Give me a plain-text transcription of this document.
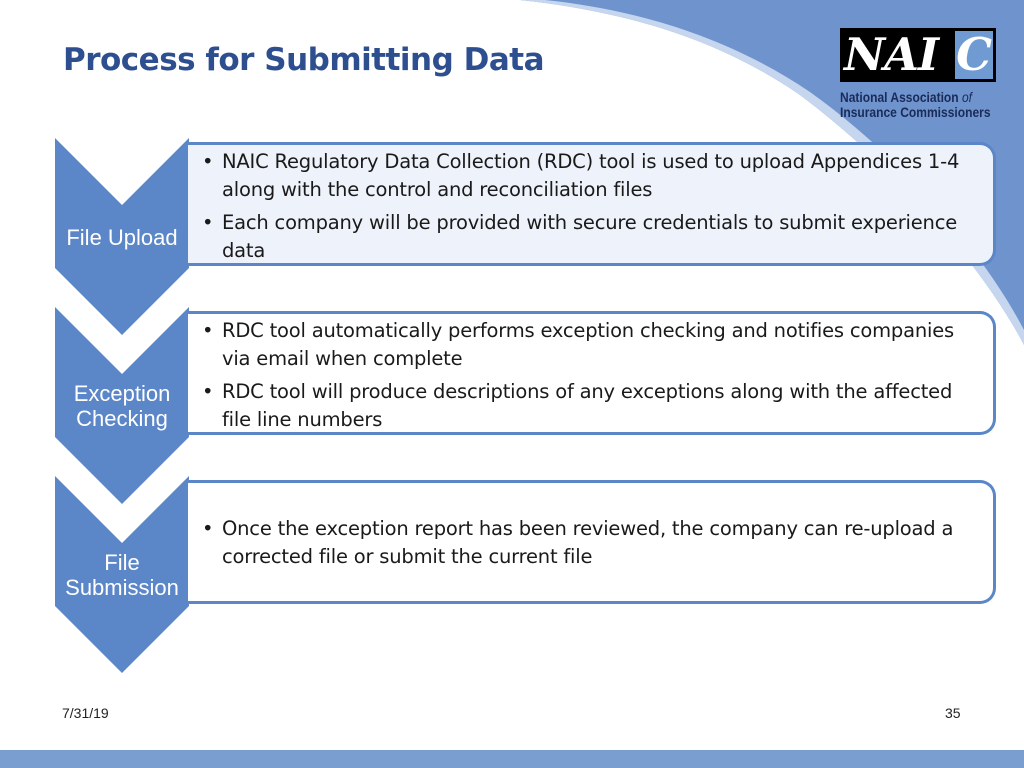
Process for Submitting Data	NAI C
National Association of
Insurance Commissioners
File Upload
Exception
Checking
File
Submission
• NAIC Regulatory Data Collection (RDC) tool is used to upload Appendices 1-4 along with the control and reconciliation files
• Each company will be provided with secure credentials to submit experience data
• RDC tool automatically performs exception checking and notifies companies via email when complete
• RDC tool will produce descriptions of any exceptions along with the affected file line numbers
• Once the exception report has been reviewed, the company can re-upload a corrected file or submit the current file
7/31/19	35
